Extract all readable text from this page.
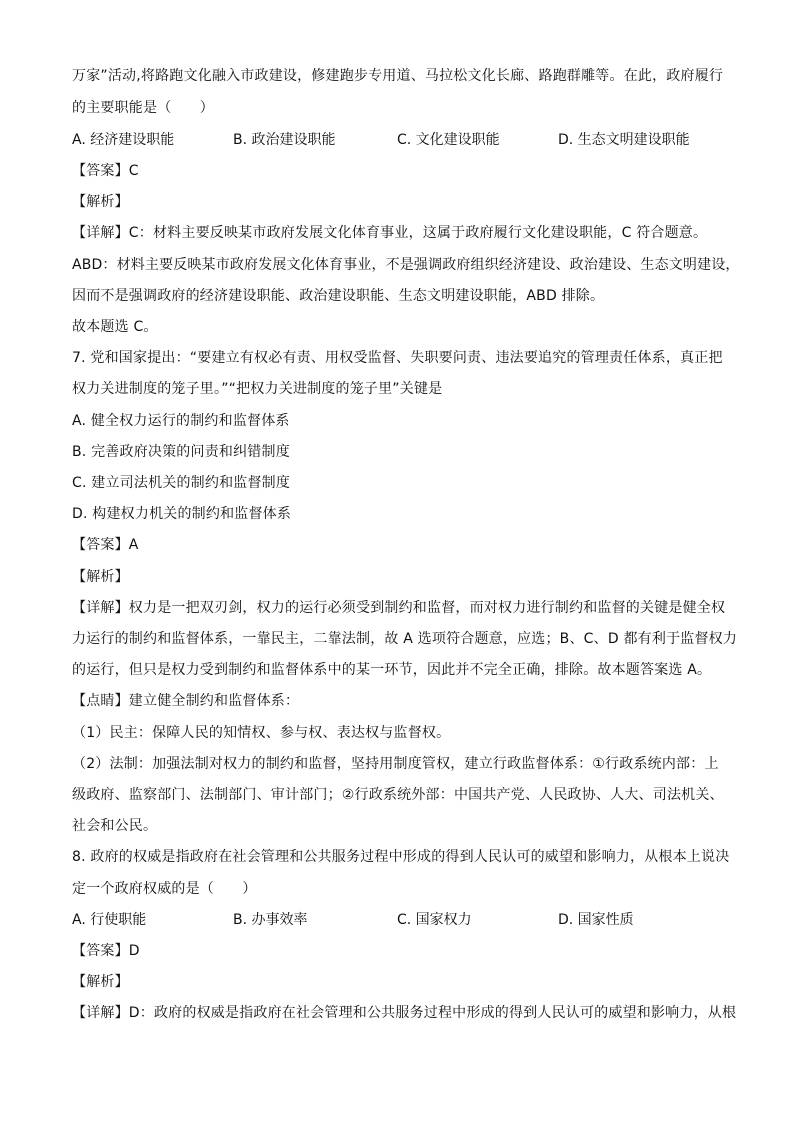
万家”活动,将路跑文化融入市政建设，修建跑步专用道、马拉松文化长廊、路跑群雕等。在此，政府履行
的主要职能是（　　）
A. 经济建设职能	B. 政治建设职能	C. 文化建设职能	D. 生态文明建设职能
【答案】C
【解析】
【详解】C：材料主要反映某市政府发展文化体育事业，这属于政府履行文化建设职能，C 符合题意。
ABD：材料主要反映某市政府发展文化体育事业，不是强调政府组织经济建设、政治建设、生态文明建设，
因而不是强调政府的经济建设职能、政治建设职能、生态文明建设职能，ABD 排除。
故本题选 C。
7. 党和国家提出：“要建立有权必有责、用权受监督、失职要问责、违法要追究的管理责任体系，真正把
权力关进制度的笼子里。”“把权力关进制度的笼子里”关键是
A. 健全权力运行的制约和监督体系
B. 完善政府决策的问责和纠错制度
C. 建立司法机关的制约和监督制度
D. 构建权力机关的制约和监督体系
【答案】A
【解析】
【详解】权力是一把双刃剑，权力的运行必须受到制约和监督，而对权力进行制约和监督的关键是健全权
力运行的制约和监督体系，一靠民主，二靠法制，故 A 选项符合题意，应选；B、C、D 都有利于监督权力
的运行，但只是权力受到制约和监督体系中的某一环节，因此并不完全正确，排除。故本题答案选 A。
【点睛】建立健全制约和监督体系：
（1）民主：保障人民的知情权、参与权、表达权与监督权。
（2）法制：加强法制对权力的制约和监督，坚持用制度管权，建立行政监督体系：①行政系统内部：上
级政府、监察部门、法制部门、审计部门；②行政系统外部：中国共产党、人民政协、人大、司法机关、
社会和公民。
8. 政府的权威是指政府在社会管理和公共服务过程中形成的得到人民认可的威望和影响力，从根本上说决
定一个政府权威的是（　　）
A. 行使职能	B. 办事效率	C. 国家权力	D. 国家性质
【答案】D
【解析】
【详解】D：政府的权威是指政府在社会管理和公共服务过程中形成的得到人民认可的威望和影响力，从根
